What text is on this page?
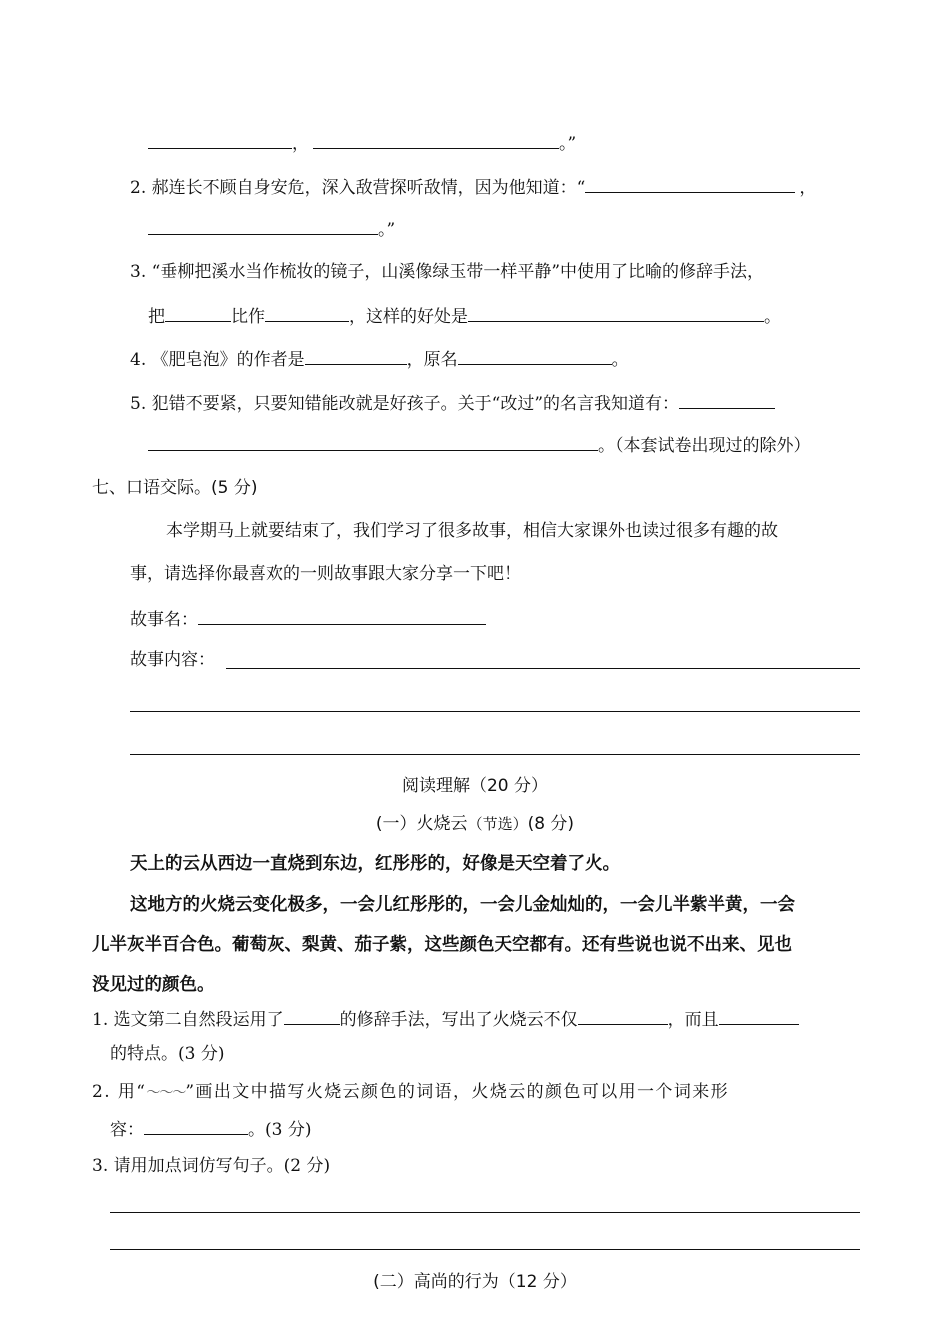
，	。”
2. 郝连长不顾自身安危，深入敌营探听敌情，因为他知道：“	，
。”
3. “垂柳把溪水当作梳妆的镜子，山溪像绿玉带一样平静”中使用了比喻的修辞手法，
把	比作	，这样的好处是	。
4. 《肥皂泡》的作者是	，原名	。
5. 犯错不要紧，只要知错能改就是好孩子。关于“改过”的名言我知道有：
。（本套试卷出现过的除外）
七、口语交际。(5 分)
本学期马上就要结束了，我们学习了很多故事，相信大家课外也读过很多有趣的故
事，请选择你最喜欢的一则故事跟大家分享一下吧！
故事名：
故事内容：
阅读理解（20 分）
(一）火烧云（节选）(8 分)
天上的云从西边一直烧到东边，红彤彤的，好像是天空着了火。
这地方的火烧云变化极多，一会儿红彤彤的，一会儿金灿灿的，一会儿半紫半黄，一会
儿半灰半百合色。葡萄灰、梨黄、茄子紫，这些颜色天空都有。还有些说也说不出来、见也
没见过的颜色。
1. 选文第二自然段运用了	的修辞手法，写出了火烧云不仅	，而且
的特点。(3 分)
2. 用“～～～”画出文中描写火烧云颜色的词语，火烧云的颜色可以用一个词来形
容：	。(3 分)
3. 请用加点词仿写句子。(2 分)
(二）高尚的行为（12 分）
